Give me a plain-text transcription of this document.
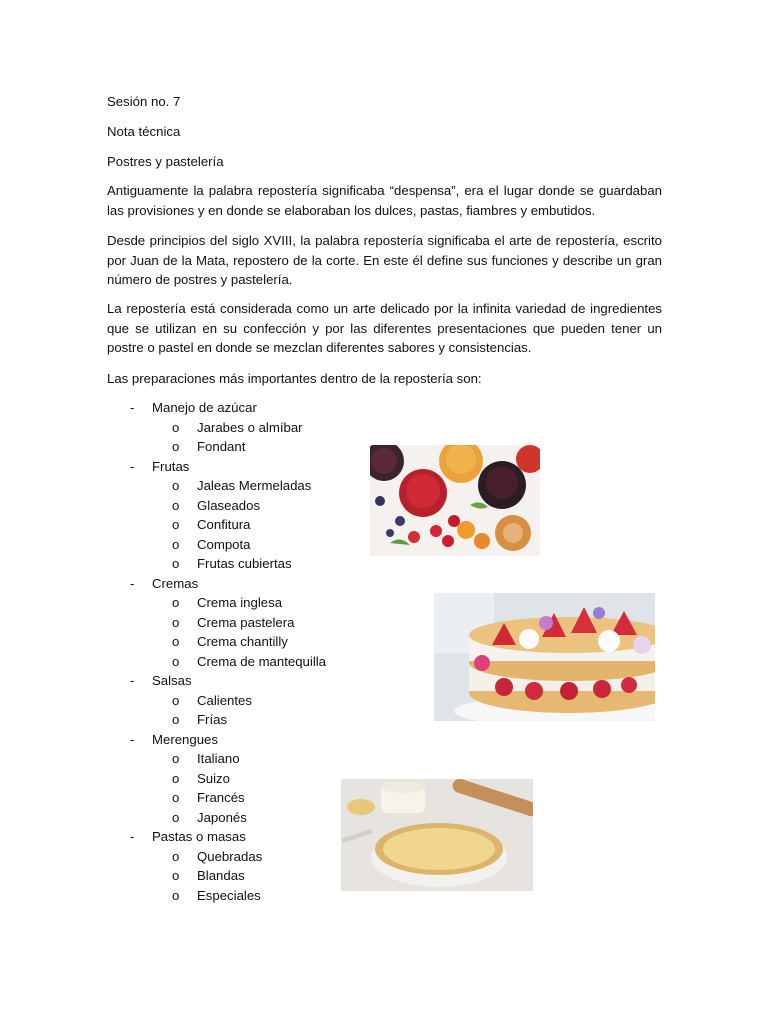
Sesión no. 7

Nota técnica

Postres y pastelería

Antiguamente la palabra repostería significaba “despensa”, era el lugar donde se guardaban las provisiones y en donde se elaboraban los dulces, pastas, fiambres y embutidos.

Desde principios del siglo XVIII, la palabra repostería significaba el arte de repostería, escrito por Juan de la Mata, repostero de la corte. En este él define sus funciones y describe un gran número de postres y pastelería.

La repostería está considerada como un arte delicado por la infinita variedad de ingredientes que se utilizan en su confección y por las diferentes presentaciones que pueden tener un postre o pastel en donde se mezclan diferentes sabores y consistencias.

Las preparaciones más importantes dentro de la repostería son:

- Manejo de azúcar
o Jarabes o almíbar
o Fondant
- Frutas
o Jaleas Mermeladas
o Glaseados
o Confitura
o Compota
o Frutas cubiertas
- Cremas
o Crema inglesa
o Crema pastelera
o Crema chantilly
o Crema de mantequilla
- Salsas
o Calientes
o Frías
- Merengues
o Italiano
o Suizo
o Francés
o Japonés
- Pastas o masas
o Quebradas
o Blandas
o Especiales
